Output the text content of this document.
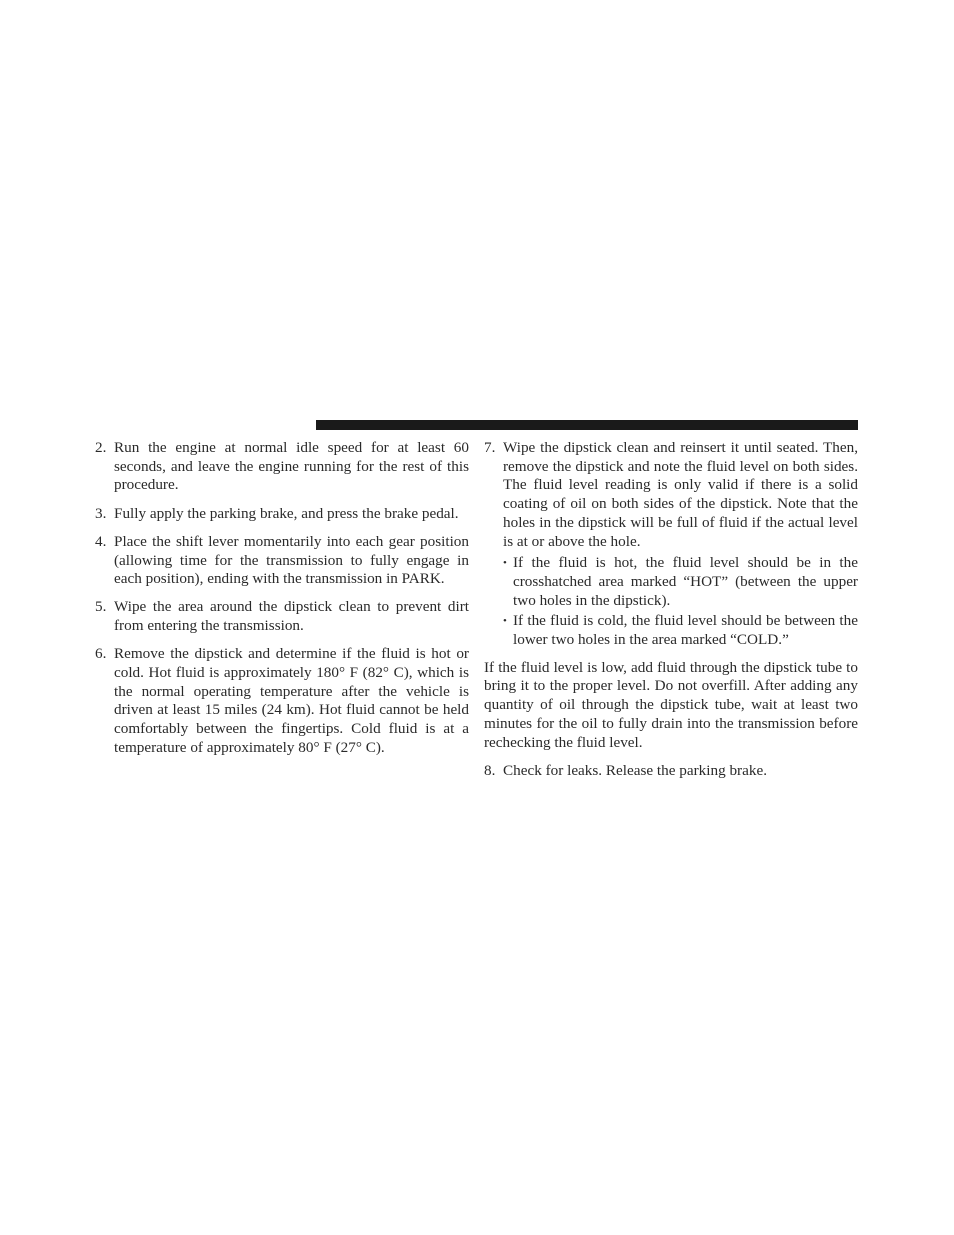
2. Run the engine at normal idle speed for at least 60 seconds, and leave the engine running for the rest of this procedure.
3. Fully apply the parking brake, and press the brake pedal.
4. Place the shift lever momentarily into each gear position (allowing time for the transmission to fully engage in each position), ending with the transmission in PARK.
5. Wipe the area around the dipstick clean to prevent dirt from entering the transmission.
6. Remove the dipstick and determine if the fluid is hot or cold. Hot fluid is approximately 180° F (82° C), which is the normal operating temperature after the vehicle is driven at least 15 miles (24 km). Hot fluid cannot be held comfortably between the fingertips. Cold fluid is at a temperature of approximately 80° F (27° C).
7. Wipe the dipstick clean and reinsert it until seated. Then, remove the dipstick and note the fluid level on both sides. The fluid level reading is only valid if there is a solid coating of oil on both sides of the dipstick. Note that the holes in the dipstick will be full of fluid if the actual level is at or above the hole.
• If the fluid is hot, the fluid level should be in the crosshatched area marked “HOT” (between the upper two holes in the dipstick).
• If the fluid is cold, the fluid level should be between the lower two holes in the area marked “COLD.”
If the fluid level is low, add fluid through the dipstick tube to bring it to the proper level. Do not overfill. After adding any quantity of oil through the dipstick tube, wait at least two minutes for the oil to fully drain into the transmission before rechecking the fluid level.
8. Check for leaks. Release the parking brake.
